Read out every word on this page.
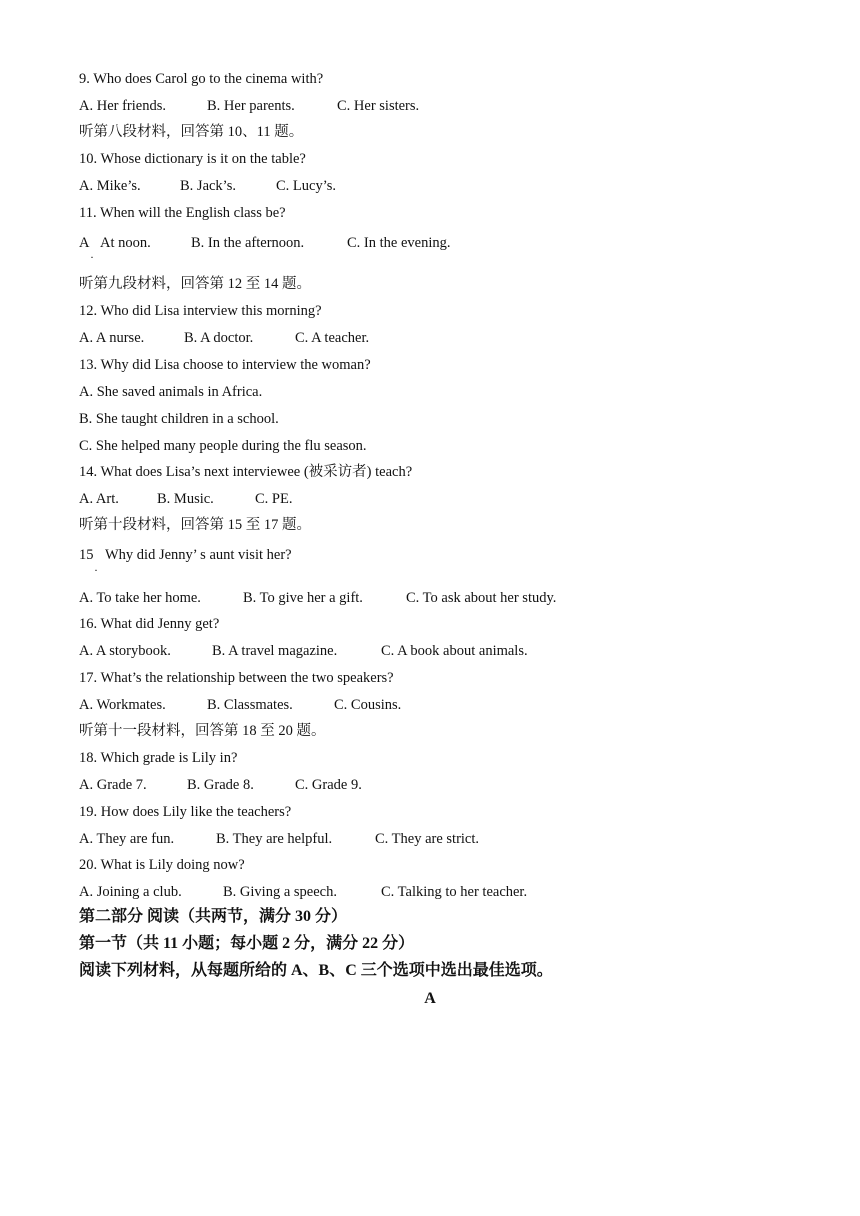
9. Who does Carol go to the cinema with?
A. Her friends.	B. Her parents.	C. Her sisters.
听第八段材料，回答第 10、11 题。
10. Whose dictionary is it on the table?
A. Mike’s.	B. Jack’s.	C. Lucy’s.
11. When will the English class be?
A At noon.	B. In the afternoon.	C. In the evening.
·
听第九段材料，回答第 12 至 14 题。
12. Who did Lisa interview this morning?
A. A nurse.	B. A doctor.	C. A teacher.
13. Why did Lisa choose to interview the woman?
A. She saved animals in Africa.
B. She taught children in a school.
C. She helped many people during the flu season.
14. What does Lisa’s next interviewee (被采访者) teach?
A. Art.	B. Music.	C. PE.
听第十段材料，回答第 15 至 17 题。
15 Why did Jenny’ s aunt visit her?
·
A. To take her home.	B. To give her a gift.	C. To ask about her study.
16. What did Jenny get?
A. A storybook.	B. A travel magazine.	C. A book about animals.
17. What’s the relationship between the two speakers?
A. Workmates.	B. Classmates.	C. Cousins.
听第十一段材料，回答第 18 至 20 题。
18. Which grade is Lily in?
A. Grade 7.	B. Grade 8.	C. Grade 9.
19. How does Lily like the teachers?
A. They are fun.	B. They are helpful.	C. They are strict.
20. What is Lily doing now?
A. Joining a club.	B. Giving a speech.	C. Talking to her teacher.
第二部分 阅读（共两节，满分 30 分）
第一节（共 11 小题；每小题 2 分，满分 22 分）
阅读下列材料，从每题所给的 A、B、C 三个选项中选出最佳选项。
A
